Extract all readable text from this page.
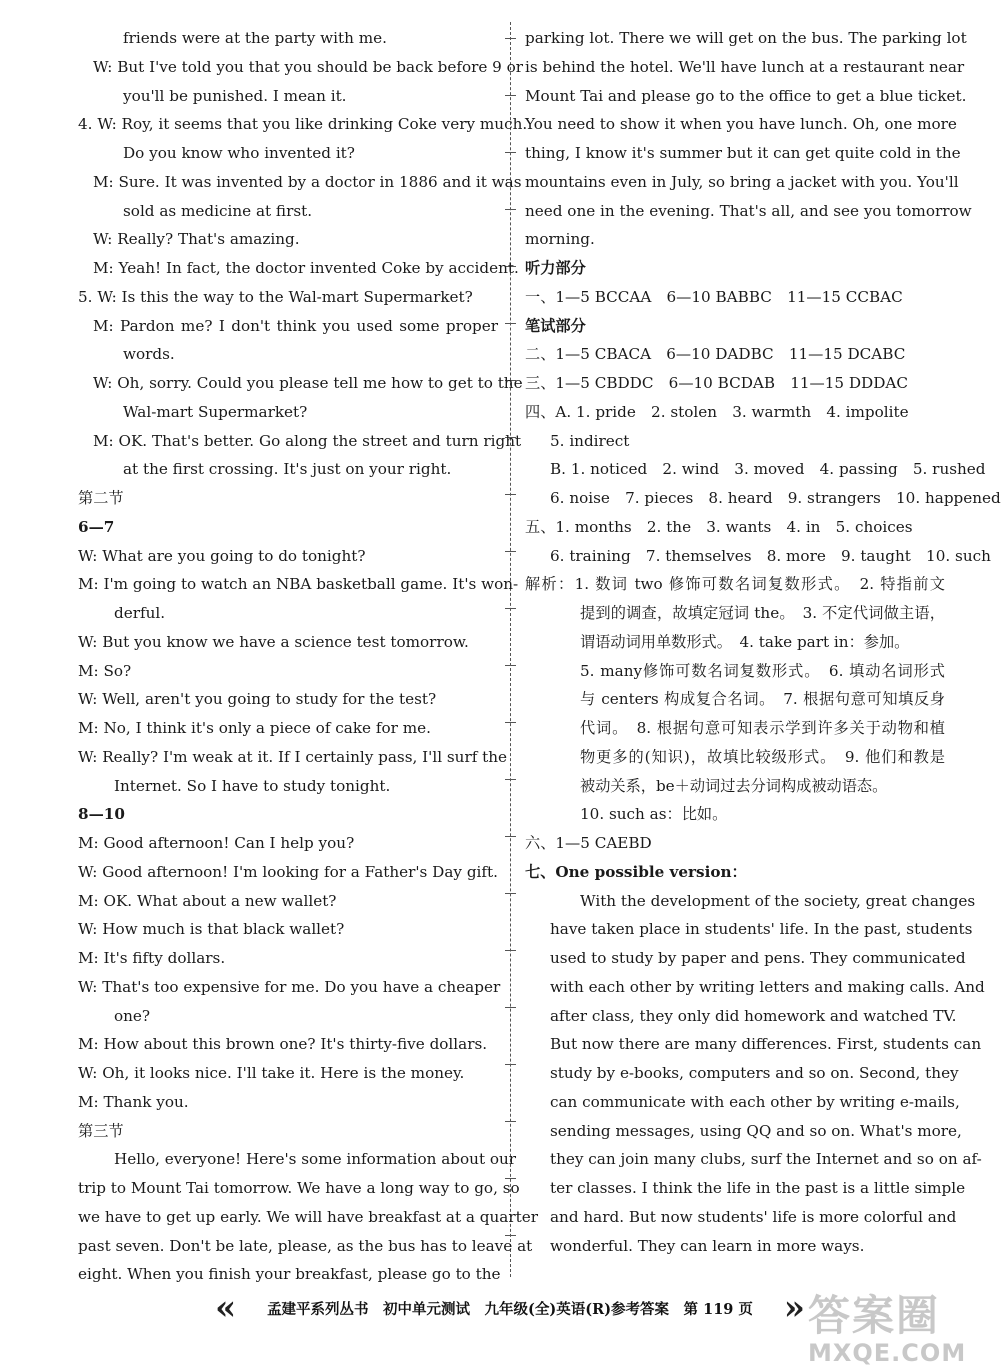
friends were at the party with me.
W: But I've told you that you should be back before 9 or
you'll be punished. I mean it.
4. W: Roy, it seems that you like drinking Coke very much.
Do you know who invented it?
M: Sure. It was invented by a doctor in 1886 and it was
sold as medicine at first.
W: Really? That's amazing.
M: Yeah! In fact, the doctor invented Coke by accident.
5. W: Is this the way to the Wal-mart Supermarket?
M: Pardon me? I don't think you used some proper
words.
W: Oh, sorry. Could you please tell me how to get to the
Wal-mart Supermarket?
M: OK. That's better. Go along the street and turn right
at the first crossing. It's just on your right.
第二节
6—7
W: What are you going to do tonight?
M: I'm going to watch an NBA basketball game. It's won-
derful.
W: But you know we have a science test tomorrow.
M: So?
W: Well, aren't you going to study for the test?
M: No, I think it's only a piece of cake for me.
W: Really? I'm weak at it. If I certainly pass, I'll surf the
Internet. So I have to study tonight.
8—10
M: Good afternoon! Can I help you?
W: Good afternoon! I'm looking for a Father's Day gift.
M: OK. What about a new wallet?
W: How much is that black wallet?
M: It's fifty dollars.
W: That's too expensive for me. Do you have a cheaper
one?
M: How about this brown one? It's thirty-five dollars.
W: Oh, it looks nice. I'll take it. Here is the money.
M: Thank you.
第三节
Hello, everyone! Here's some information about our
trip to Mount Tai tomorrow. We have a long way to go, so
we have to get up early. We will have breakfast at a quarter
past seven. Don't be late, please, as the bus has to leave at
eight. When you finish your breakfast, please go to the
parking lot. There we will get on the bus. The parking lot
is behind the hotel. We'll have lunch at a restaurant near
Mount Tai and please go to the office to get a blue ticket.
You need to show it when you have lunch. Oh, one more
thing, I know it's summer but it can get quite cold in the
mountains even in July, so bring a jacket with you. You'll
need one in the evening. That's all, and see you tomorrow
morning.
听力部分
一、1—5 BCCAA　6—10 BABBC　11—15 CCBAC
笔试部分
二、1—5 CBACA　6—10 DADBC　11—15 DCABC
三、1—5 CBDDC　6—10 BCDAB　11—15 DDDAC
四、A. 1. pride　2. stolen　3. warmth　4. impolite
5. indirect
B. 1. noticed　2. wind　3. moved　4. passing　5. rushed
6. noise　7. pieces　8. heard　9. strangers　10. happened
五、1. months　2. the　3. wants　4. in　5. choices
6. training　7. themselves　8. more　9. taught　10. such
解析：1. 数词 two 修饰可数名词复数形式。　2. 特指前文
提到的调查，故填定冠词 the。　3. 不定代词做主语，
谓语动词用单数形式。　4. take part in：参加。
5. many修饰可数名词复数形式。　6. 填动名词形式
与 centers 构成复合名词。　7. 根据句意可知填反身
代词。　8. 根据句意可知表示学到许多关于动物和植
物更多的(知识)，故填比较级形式。　9. 他们和教是
被动关系，be＋动词过去分词构成被动语态。
10. such as：比如。
六、1—5 CAEBD
七、One possible version：
With the development of the society, great changes
have taken place in students' life. In the past, students
used to study by paper and pens. They communicated
with each other by writing letters and making calls. And
after class, they only did homework and watched TV.
But now there are many differences. First, students can
study by e-books, computers and so on. Second, they
can communicate with each other by writing e-mails,
sending messages, using QQ and so on. What's more,
they can join many clubs, surf the Internet and so on af-
ter classes. I think the life in the past is a little simple
and hard. But now students' life is more colorful and
wonderful. They can learn in more ways.
«	孟建平系列丛书　初中单元测试　九年级(全)英语(R)参考答案　第 119 页 » 答案圈
MXQE.COM
